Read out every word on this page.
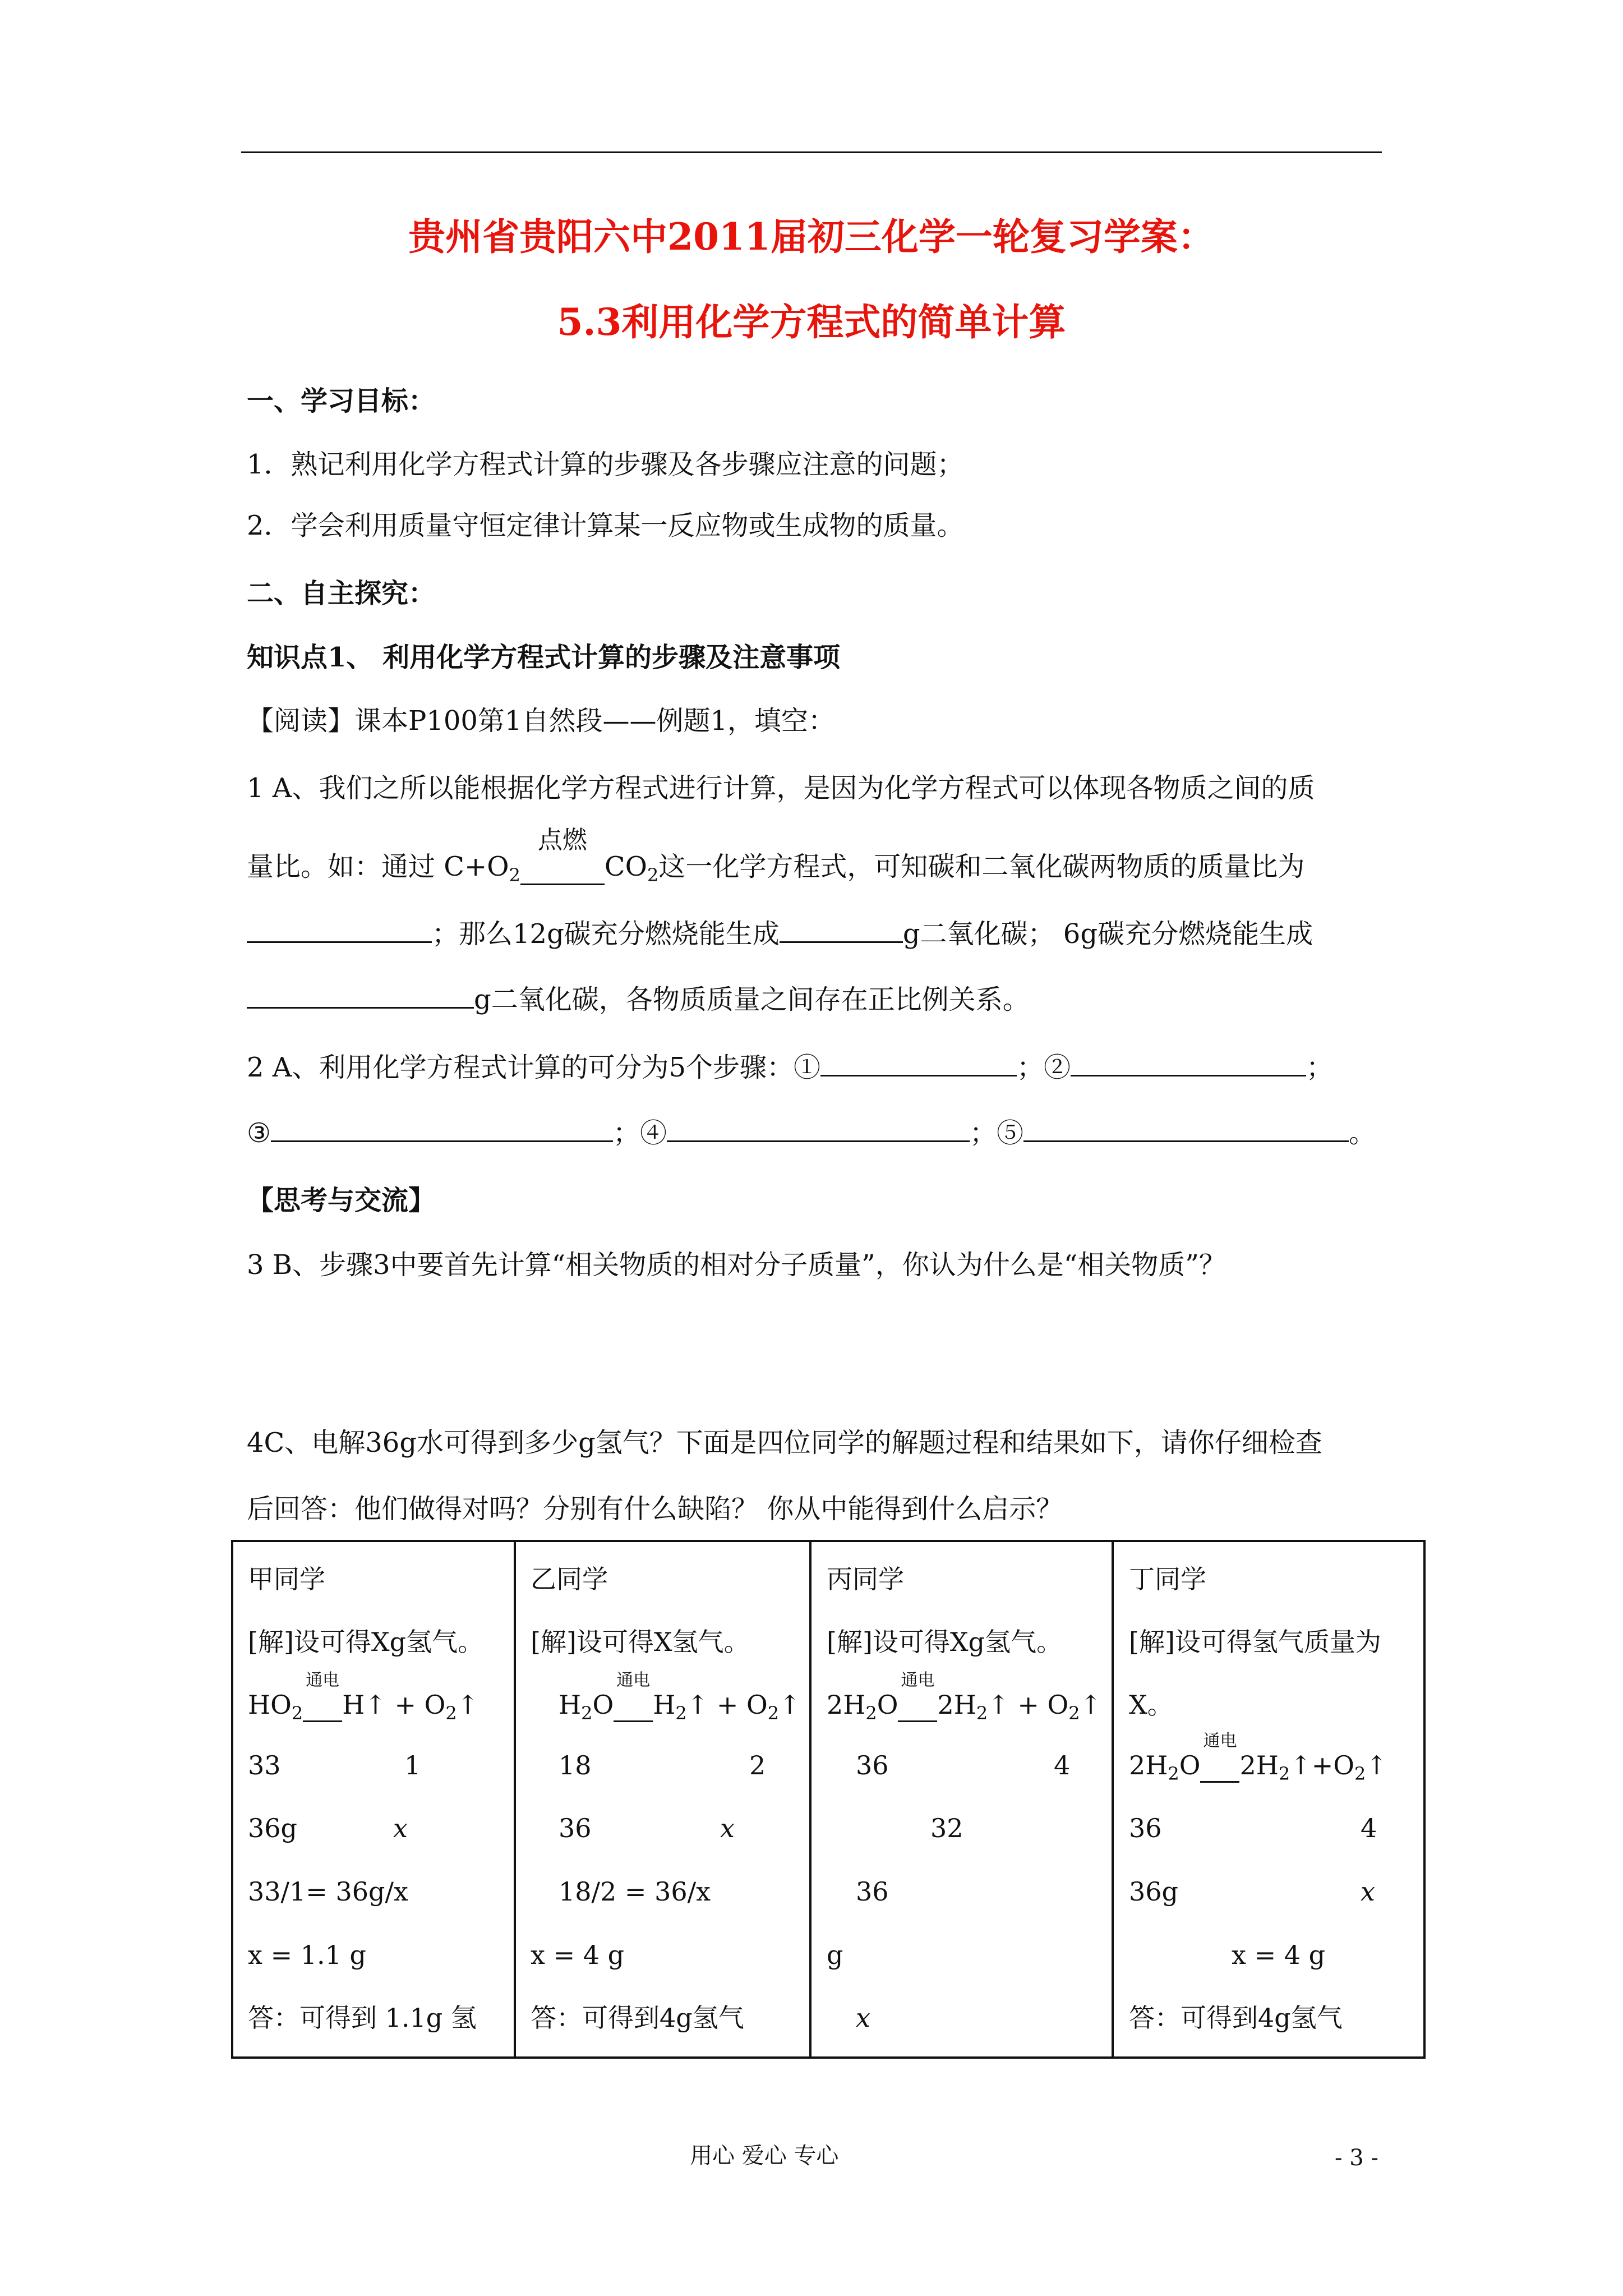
贵州省贵阳六中2011届初三化学一轮复习学案：
5.3利用化学方程式的简单计算
一、学习目标：
1．熟记利用化学方程式计算的步骤及各步骤应注意的问题；
2．学会利用质量守恒定律计算某一反应物或生成物的质量。
二、自主探究：
知识点1、 利用化学方程式计算的步骤及注意事项
【阅读】课本P100第1自然段——例题1，填空：
1 A、我们之所以能根据化学方程式进行计算，是因为化学方程式可以体现各物质之间的质
量比。如：通过 $C+O_2$
点燃
$CO_2$这一化学方程式，可知碳和二氧化碳两物质的质量比为
；那么12g碳充分燃烧能生成	g二氧化碳； 6g碳充分燃烧能生成
g二氧化碳，各物质质量之间存在正比例关系。
2 A、利用化学方程式计算的可分为5个步骤：①	；②	；
③	；④	；⑤	。
【思考与交流】
3 B、步骤3中要首先计算“相关物质的相对分子质量”，你认为什么是“相关物质”？
4C、电解36g水可得到多少g氢气？下面是四位同学的解题过程和结果如下，请你仔细检查
后回答：他们做得对吗？分别有什么缺陷？ 你从中能得到什么启示？
甲同学
[解]设可得Xg氢气。
$HO_2$
通电
H↑ + $O_2↑$
33	1
36g	x
33/1= 36g/x
x = 1.1 g
答：可得到 1.1g 氢
乙同学
[解]设可得X氢气。
$H_2O$
通电
$H_2↑$ + $O_2↑$
18	2
36	x
18/2 = 36/x
x = 4 g
答：可得到4g氢气
丙同学
[解]设可得Xg氢气。
$2H_2O$
通电
$2H_2↑$ + $O_2↑$
36	4
32
36
g
x
丁同学
[解]设可得氢气质量为
X。
$2H_2O$
通电
$2H_2↑+O_2↑$
36	4
36g	x
x = 4 g
答：可得到4g氢气
用心 爱心 专心	- 3 -
